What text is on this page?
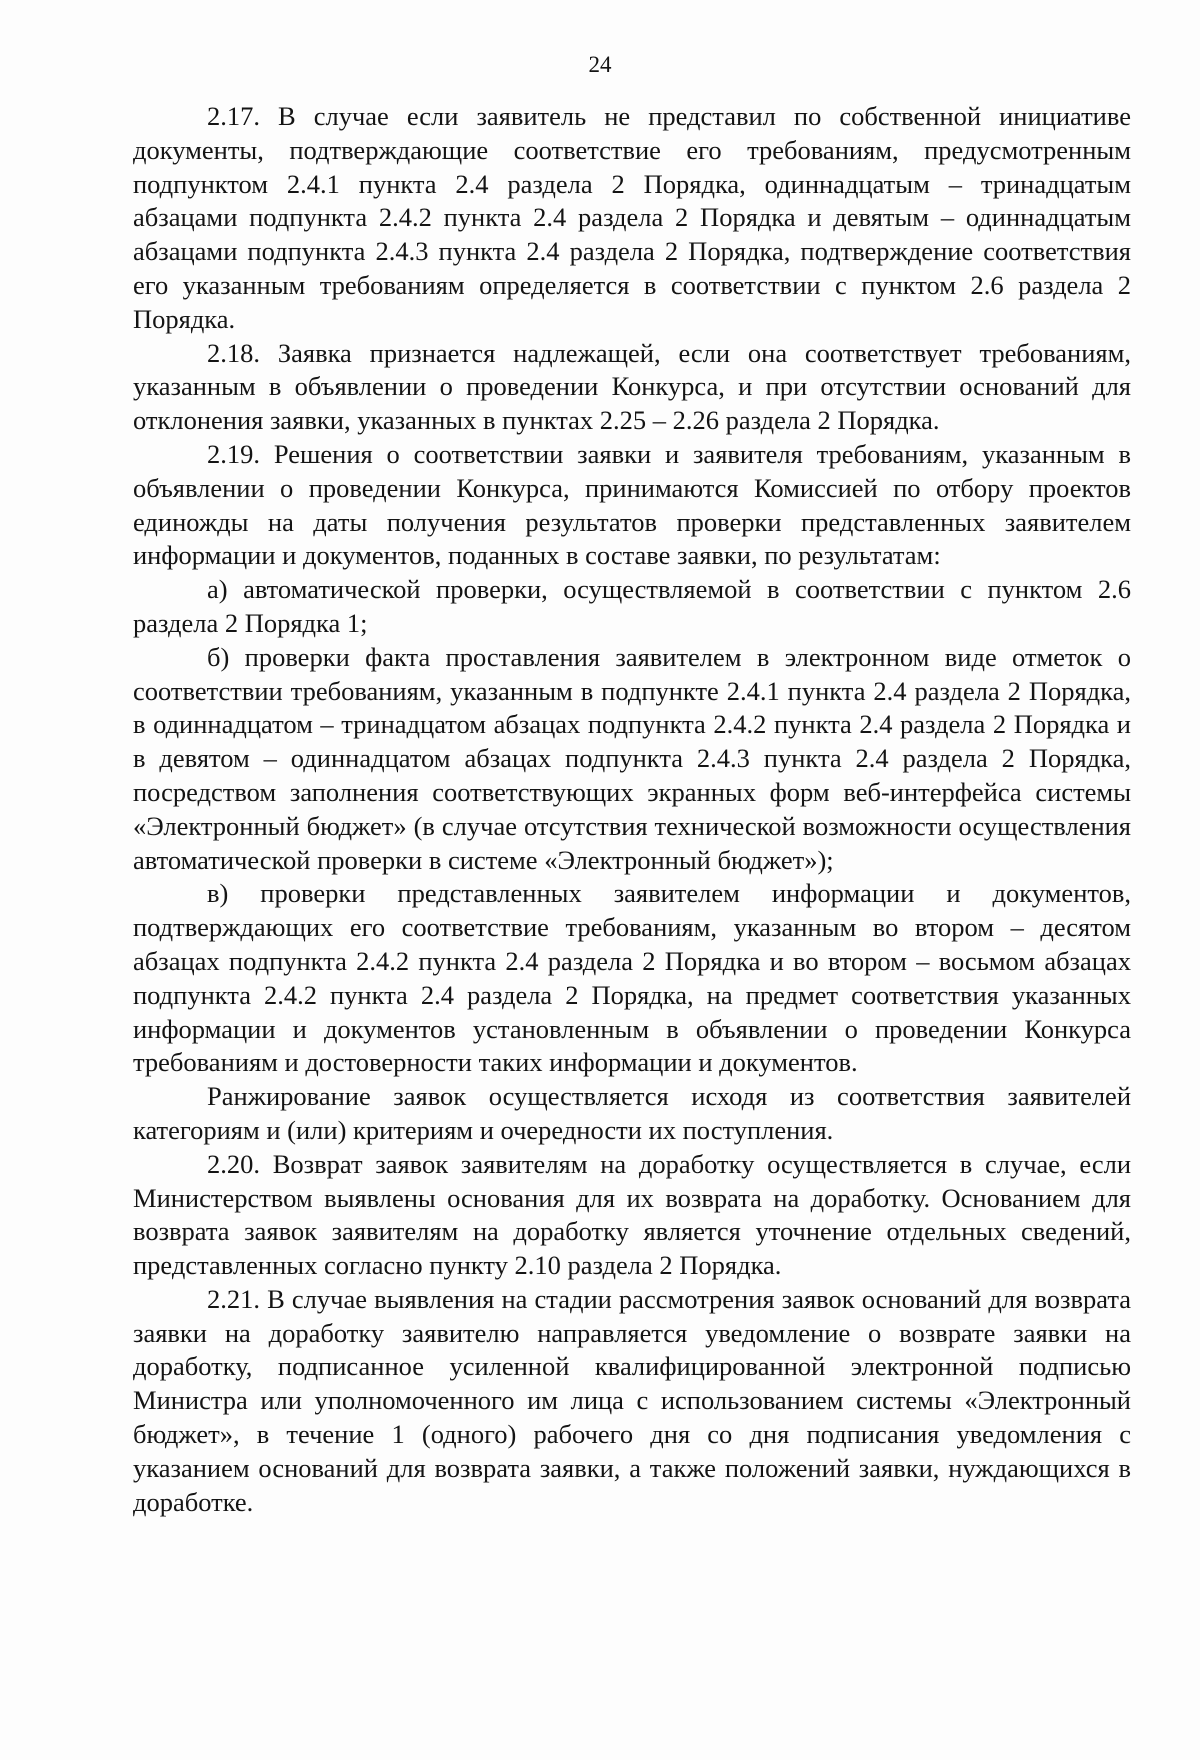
24

2.17. В случае если заявитель не представил по собственной инициативе документы, подтверждающие соответствие его требованиям, предусмотренным подпунктом 2.4.1 пункта 2.4 раздела 2 Порядка, одиннадцатым – тринадцатым абзацами подпункта 2.4.2 пункта 2.4 раздела 2 Порядка и девятым – одиннадцатым абзацами подпункта 2.4.3 пункта 2.4 раздела 2 Порядка, подтверждение соответствия его указанным требованиям определяется в соответствии с пунктом 2.6 раздела 2 Порядка.

2.18. Заявка признается надлежащей, если она соответствует требованиям, указанным в объявлении о проведении Конкурса, и при отсутствии оснований для отклонения заявки, указанных в пунктах 2.25 – 2.26 раздела 2 Порядка.

2.19. Решения о соответствии заявки и заявителя требованиям, указанным в объявлении о проведении Конкурса, принимаются Комиссией по отбору проектов единожды на даты получения результатов проверки представленных заявителем информации и документов, поданных в составе заявки, по результатам:

а) автоматической проверки, осуществляемой в соответствии с пунктом 2.6 раздела 2 Порядка 1;

б) проверки факта проставления заявителем в электронном виде отметок о соответствии требованиям, указанным в подпункте 2.4.1 пункта 2.4 раздела 2 Порядка, в одиннадцатом – тринадцатом абзацах подпункта 2.4.2 пункта 2.4 раздела 2 Порядка и в девятом – одиннадцатом абзацах подпункта 2.4.3 пункта 2.4 раздела 2 Порядка, посредством заполнения соответствующих экранных форм веб-интерфейса системы «Электронный бюджет» (в случае отсутствия технической возможности осуществления автоматической проверки в системе «Электронный бюджет»);

в) проверки представленных заявителем информации и документов, подтверждающих его соответствие требованиям, указанным во втором – десятом абзацах подпункта 2.4.2 пункта 2.4 раздела 2 Порядка и во втором – восьмом абзацах подпункта 2.4.2 пункта 2.4 раздела 2 Порядка, на предмет соответствия указанных информации и документов установленным в объявлении о проведении Конкурса требованиям и достоверности таких информации и документов.

Ранжирование заявок осуществляется исходя из соответствия заявителей категориям и (или) критериям и очередности их поступления.

2.20. Возврат заявок заявителям на доработку осуществляется в случае, если Министерством выявлены основания для их возврата на доработку. Основанием для возврата заявок заявителям на доработку является уточнение отдельных сведений, представленных согласно пункту 2.10 раздела 2 Порядка.

2.21. В случае выявления на стадии рассмотрения заявок оснований для возврата заявки на доработку заявителю направляется уведомление о возврате заявки на доработку, подписанное усиленной квалифицированной электронной подписью Министра или уполномоченного им лица с использованием системы «Электронный бюджет», в течение 1 (одного) рабочего дня со дня подписания уведомления с указанием оснований для возврата заявки, а также положений заявки, нуждающихся в доработке.
